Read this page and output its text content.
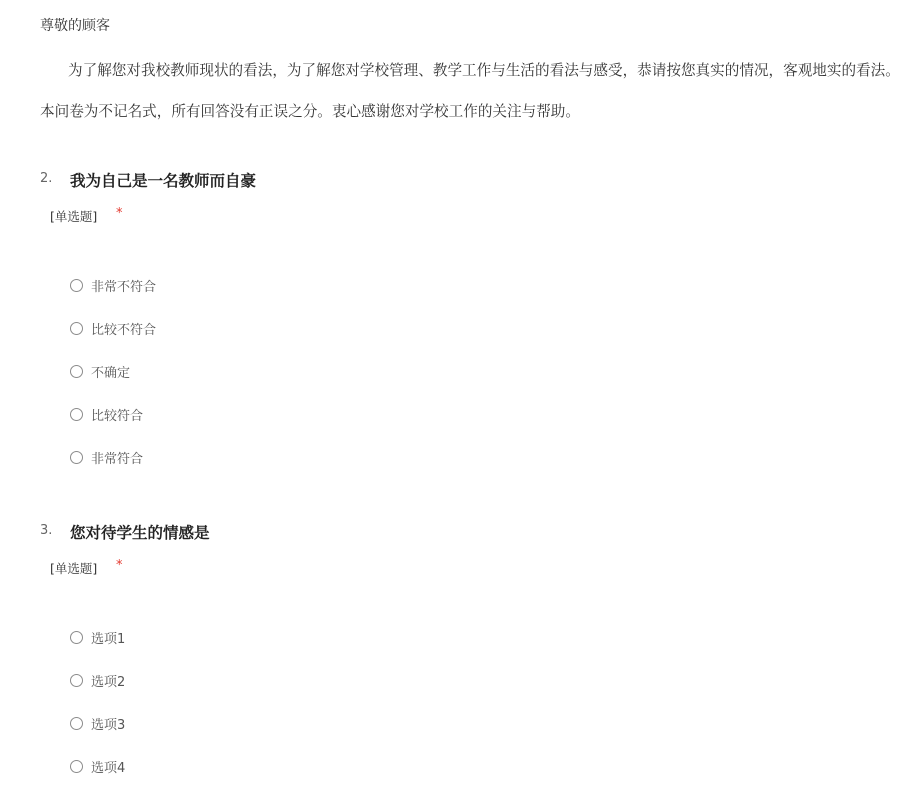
尊敬的顾客
为了解您对我校教师现状的看法，为了解您对学校管理、教学工作与生活的看法与感受，恭请按您真实的情况，客观地实的看法。本问卷为不记名式，所有回答没有正误之分。衷心感谢您对学校工作的关注与帮助。
2. 我为自己是一名教师而自豪
[单选题] *
非常不符合
比较不符合
不确定
比较符合
非常符合
3. 您对待学生的情感是
[单选题] *
选项1
选项2
选项3
选项4
